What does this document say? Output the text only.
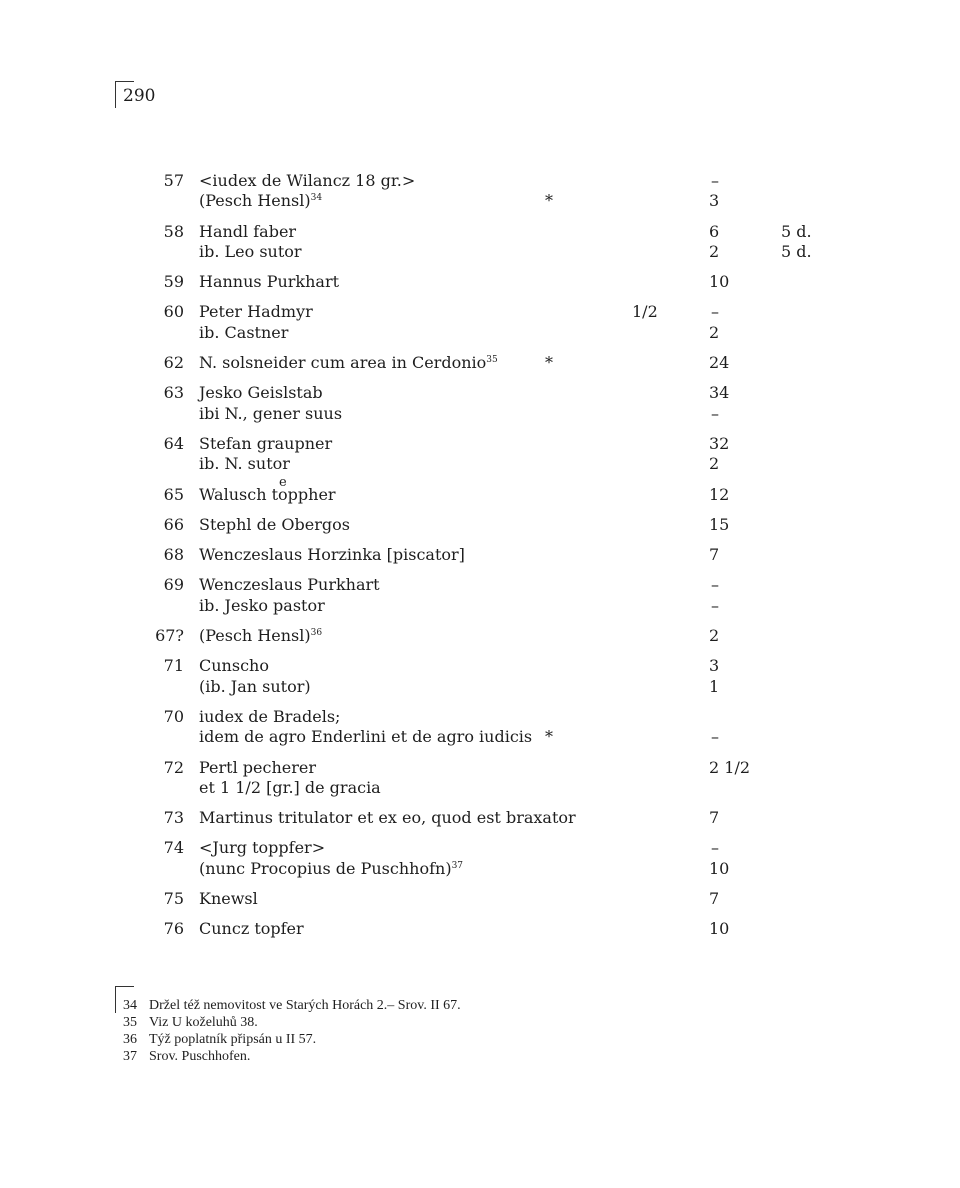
290
57 <iudex de Wilancz 18 gr.>	–
(Pesch Hensl)$^{34}$	*	3
58 Handl faber	6	5 d.
ib. Leo sutor	2	5 d.
59 Hannus Purkhart	10
60 Peter Hadmyr	1/2	–
ib. Castner	2
62 N. solsneider cum area in Cerdonio$^{35}$	*	24
63 Jesko Geislstab	34
ibi N., gener suus	–
64 Stefan graupner	32
ib. N. sutor	2
65 Walusch te oppher	12
66 Stephl de Obergos	15
68 Wenczeslaus Horzinka [piscator]	7
69 Wenczeslaus Purkhart	–
ib. Jesko pastor	–
67? (Pesch Hensl)$^{36}$	2
71 Cunscho	3
(ib. Jan sutor)	1
70 iudex de Bradels;
idem de agro Enderlini et de agro iudicis *	–
72 Pertl pecherer	2 1/2
et 1 1/2 [gr.] de gracia
73 Martinus tritulator et ex eo, quod est braxator	7
74 <Jurg toppfer>	–
(nunc Procopius de Puschhofn)$^{37}$	10
75 Knewsl	7
76 Cuncz topfer	10
34 Držel též nemovitost ve Starých Horách 2.– Srov. II 67.
35 Viz U koželuhů 38.
36 Týž poplatník připsán u II 57.
37 Srov. Puschhofen.
